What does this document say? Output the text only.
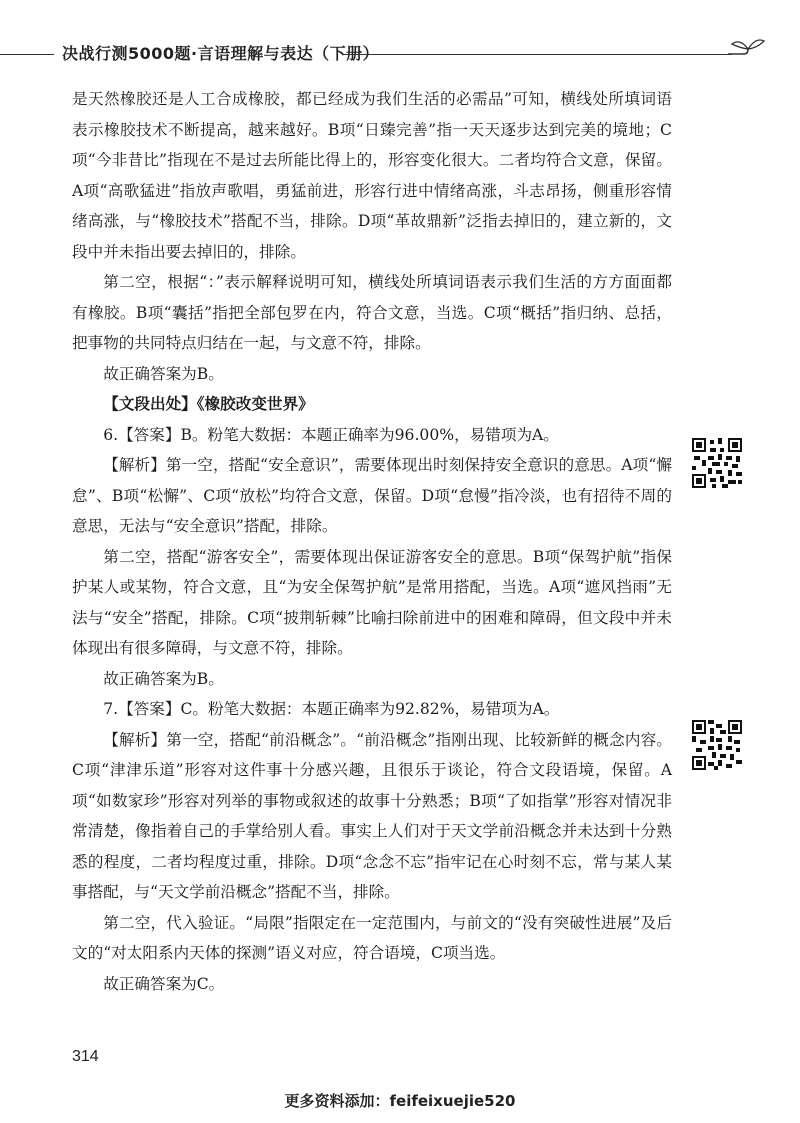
决战行测5000题·言语理解与表达（下册）

是天然橡胶还是人工合成橡胶，都已经成为我们生活的必需品”可知，横线处所填词语表示橡胶技术不断提高，越来越好。B项“日臻完善”指一天天逐步达到完美的境地；C项“今非昔比”指现在不是过去所能比得上的，形容变化很大。二者均符合文意，保留。A项“高歌猛进”指放声歌唱，勇猛前进，形容行进中情绪高涨，斗志昂扬，侧重形容情绪高涨，与“橡胶技术”搭配不当，排除。D项“革故鼎新”泛指去掉旧的，建立新的，文段中并未指出要去掉旧的，排除。

第二空，根据“：”表示解释说明可知，横线处所填词语表示我们生活的方方面面都有橡胶。B项“囊括”指把全部包罗在内，符合文意，当选。C项“概括”指归纳、总括，把事物的共同特点归结在一起，与文意不符，排除。

故正确答案为B。

【文段出处】《橡胶改变世界》

6.【答案】B。粉笔大数据：本题正确率为96.00%，易错项为A。

【解析】第一空，搭配“安全意识”，需要体现出时刻保持安全意识的意思。A项“懈怠”、B项“松懈”、C项“放松”均符合文意，保留。D项“怠慢”指冷淡，也有招待不周的意思，无法与“安全意识”搭配，排除。

第二空，搭配“游客安全”，需要体现出保证游客安全的意思。B项“保驾护航”指保护某人或某物，符合文意，且“为安全保驾护航”是常用搭配，当选。A项“遮风挡雨”无法与“安全”搭配，排除。C项“披荆斩棘”比喻扫除前进中的困难和障碍，但文段中并未体现出有很多障碍，与文意不符，排除。

故正确答案为B。

7.【答案】C。粉笔大数据：本题正确率为92.82%，易错项为A。

【解析】第一空，搭配“前沿概念”。“前沿概念”指刚出现、比较新鲜的概念内容。C项“津津乐道”形容对这件事十分感兴趣，且很乐于谈论，符合文段语境，保留。A项“如数家珍”形容对列举的事物或叙述的故事十分熟悉；B项“了如指掌”形容对情况非常清楚，像指着自己的手掌给别人看。事实上人们对于天文学前沿概念并未达到十分熟悉的程度，二者均程度过重，排除。D项“念念不忘”指牢记在心时刻不忘，常与某人某事搭配，与“天文学前沿概念”搭配不当，排除。

第二空，代入验证。“局限”指限定在一定范围内，与前文的“没有突破性进展”及后文的“对太阳系内天体的探测”语义对应，符合语境，C项当选。

故正确答案为C。

314
更多资料添加：feifeixuejie520
